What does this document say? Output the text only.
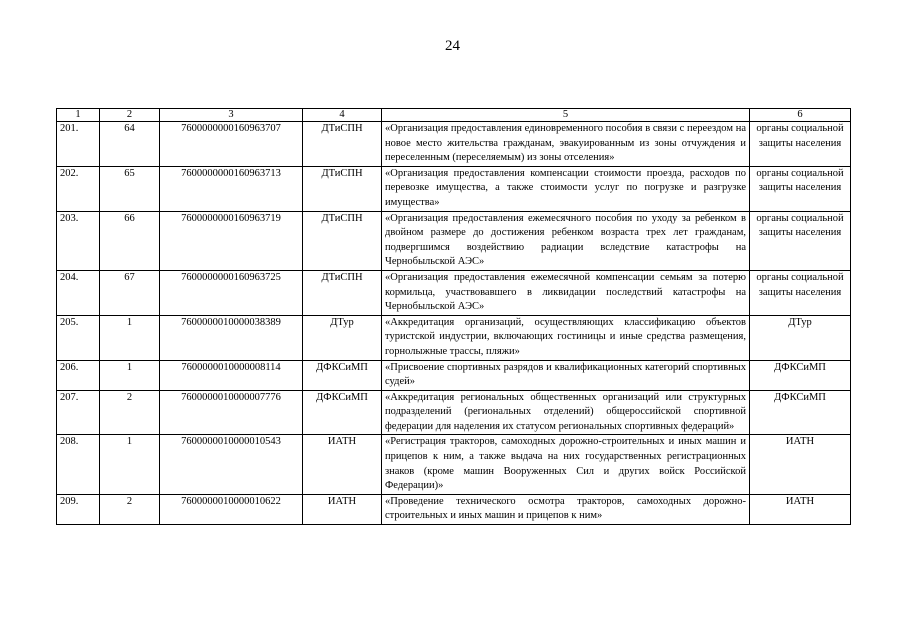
24
1	2	3	4	5	6
201.	64	7600000000160963707	ДТиСПН	«Организация предоставления единовременного пособия в связи с переездом на новое место жительства гражданам, эвакуированным из зоны отчуждения и переселенным (переселяемым) из зоны отселения»	органы социальной защиты населения
202.	65	7600000000160963713	ДТиСПН	«Организация предоставления компенсации стоимости проезда, расходов по перевозке имущества, а также стоимости услуг по погрузке и разгрузке имущества»	органы социальной защиты населения
203.	66	7600000000160963719	ДТиСПН	«Организация предоставления ежемесячного пособия по уходу за ребенком в двойном размере до достижения ребенком возраста трех лет гражданам, подвергшимся воздействию радиации вследствие катастрофы на Чернобыльской АЭС»	органы социальной защиты населения
204.	67	7600000000160963725	ДТиСПН	«Организация предоставления ежемесячной компенсации семьям за потерю кормильца, участвовавшего в ликвидации последствий катастрофы на Чернобыльской АЭС»	органы социальной защиты населения
205.	1	7600000010000038389	ДТур	«Аккредитация организаций, осуществляющих классификацию объектов туристской индустрии, включающих гостиницы и иные средства размещения, горнолыжные трассы, пляжи»	ДТур
206.	1	7600000010000008114	ДФКСиМП	«Присвоение спортивных разрядов и квалификационных категорий спортивных судей»	ДФКСиМП
207.	2	7600000010000007776	ДФКСиМП	«Аккредитация региональных общественных организаций или структурных подразделений (региональных отделений) общероссийской спортивной федерации для наделения их статусом региональных спортивных федераций»	ДФКСиМП
208.	1	7600000010000010543	ИАТН	«Регистрация тракторов, самоходных дорожно-строительных и иных машин и прицепов к ним, а также выдача на них государственных регистрационных знаков (кроме машин Вооруженных Сил и других войск Российской Федерации)»	ИАТН
209.	2	7600000010000010622	ИАТН	«Проведение технического осмотра тракторов, самоходных дорожно-строительных и иных машин и прицепов к ним»	ИАТН
